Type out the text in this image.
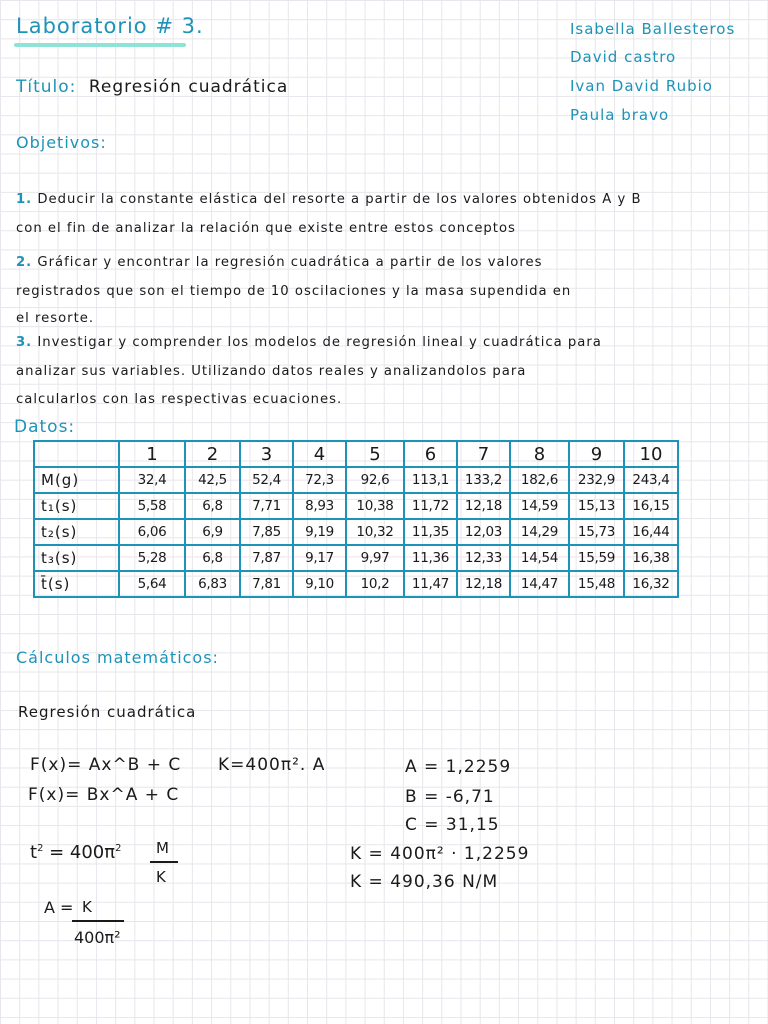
Laboratorio # 3.	Isabella Ballesteros
David castro
Ivan David Rubio
Paula bravo
Título: Regresión cuadrática
Objetivos:
1. Deducir la constante elástica del resorte a partir de los valores obtenidos A y B
con el fin de analizar la relación que existe entre estos conceptos
2. Gráficar y encontrar la regresión cuadrática a partir de los valores
registrados que son el tiempo de 10 oscilaciones y la masa supendida en
el resorte.
3. Investigar y comprender los modelos de regresión lineal y cuadrática para
analizar sus variables. Utilizando datos reales y analizandolos para
calcularlos con las respectivas ecuaciones.
Datos:
	1	2	3	4	5	6	7	8	9	10
M(g)	32,4	42,5	52,4	72,3	92,6	113,1	133,2	182,6	232,9	243,4
t₁(s)	5,58	6,8	7,71	8,93	10,38	11,72	12,18	14,59	15,13	16,15
t₂(s)	6,06	6,9	7,85	9,19	10,32	11,35	12,03	14,29	15,73	16,44
t₃(s)	5,28	6,8	7,87	9,17	9,97	11,36	12,33	14,54	15,59	16,38
t̄(s)	5,64	6,83	7,81	9,10	10,2	11,47	12,18	14,47	15,48	16,32
Cálculos matemáticos:
Regresión cuadrática
F(x)= Ax^B + C
F(x)= Bx^A + C
K=400π². A	A = 1,2259
B = -6,71
C = 31,15
K = 400π² · 1,2259
K = 490,36 N/M
$t^2 = 400\pi^2$ M
K
A = K
400π²
